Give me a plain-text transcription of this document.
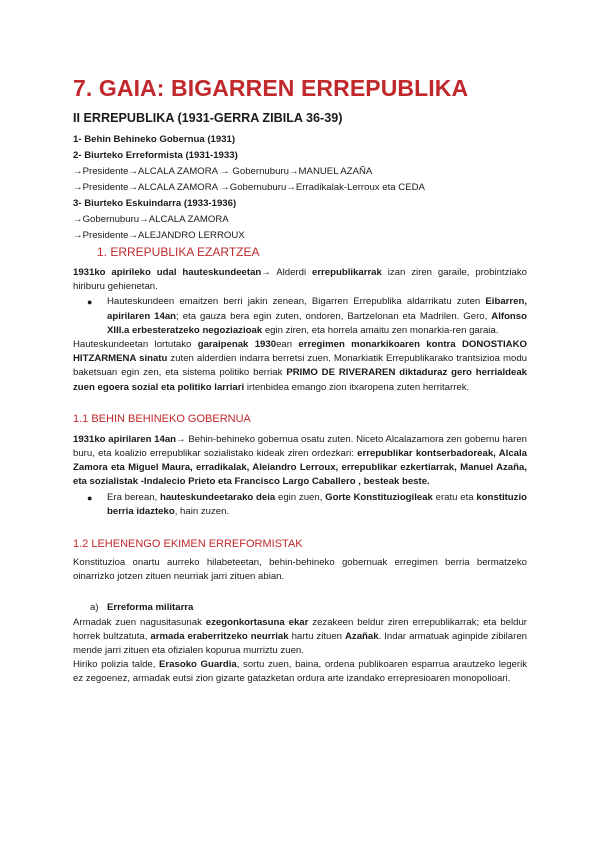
7. GAIA: BIGARREN ERREPUBLIKA
II ERREPUBLIKA (1931-GERRA ZIBILA 36-39)
1- Behin Behineko Gobernua (1931)
2- Biurteko Erreformista (1931-1933)
→Presidente→ALCALA ZAMORA → Gobernuburu→MANUEL AZAÑA
→Presidente→ALCALA ZAMORA →Gobernuburu→Erradikalak-Lerroux eta CEDA
3- Biurteko Eskuindarra (1933-1936)
→Gobernuburu→ALCALA ZAMORA
→Presidente→ALEJANDRO LERROUX
1. ERREPUBLIKA EZARTZEA

1931ko apirileko udal hauteskundeetan→ Alderdi errepublikarrak izan ziren garaile, probintziako hiriburu gehienetan.

● Hauteskundeen emaitzen berri jakin zenean, Bigarren Errepublika aldarrikatu zuten Eibarren, apirilaren 14an; eta gauza bera egin zuten, ondoren, Bartzelonan eta Madrilen. Gero, Alfonso XIII.a erbesteratzeko negoziazioak egin ziren, eta horrela amaitu zen monarkia-ren garaia.

Hauteskundeetan lortutako garaipenak 1930ean erregimen monarkikoaren kontra DONOSTIAKO HITZARMENA sinatu zuten alderdien indarra berretsi zuen. Monarkiatik Errepublikarako trantsizioa modu baketsuan egin zen, eta sistema politiko berriak PRIMO DE RIVERAREN diktaduraz gero herrialdeak zuen egoera sozial eta politiko larriari irtenbidea emango zion itxaropena zuten herritarrek.

1.1 BEHIN BEHINEKO GOBERNUA

1931ko apirilaren 14an→ Behin-behineko gobernua osatu zuten. Niceto Alcalazamora zen gobernu haren buru, eta koalizio errepublikar sozialistako kideak ziren ordezkari: errepublikar kontserbadoreak, Alcala Zamora eta Miguel Maura, erradikalak, Aleiandro Lerroux, errepublikar ezkertiarrak, Manuel Azaña, eta sozialistak -Indalecio Prieto eta Francisco Largo Caballero , besteak beste.

● Era berean, hauteskundeetarako deia egin zuen, Gorte Konstituziogileak eratu eta konstituzio berria idazteko, hain zuzen.
1.2 LEHENENGO EKIMEN ERREFORMISTAK

Konstituzioa onartu aurreko hilabeteetan, behin-behineko gobernuak erregimen berria bermatzeko oinarrizko jotzen zituen neurriak jarri zituen abian.

a) Erreforma militarra

Armadak zuen nagusitasunak ezegonkortasuna ekar zezakeen beldur ziren errepublikarrak; eta beldur horrek bultzatuta, armada eraberritzeko neurriak hartu zituen Azañak. Indar armatuak aginpide zibilaren mende jarri zituen eta ofizialen kopurua murriztu zuen.

Hiriko polizia talde, Erasoko Guardia, sortu zuen, baina, ordena publikoaren esparrua arautzeko legerik ez zegoenez, armadak eutsi zion gizarte gatazketan ordura arte izandako errepresioaren monopolioari.
